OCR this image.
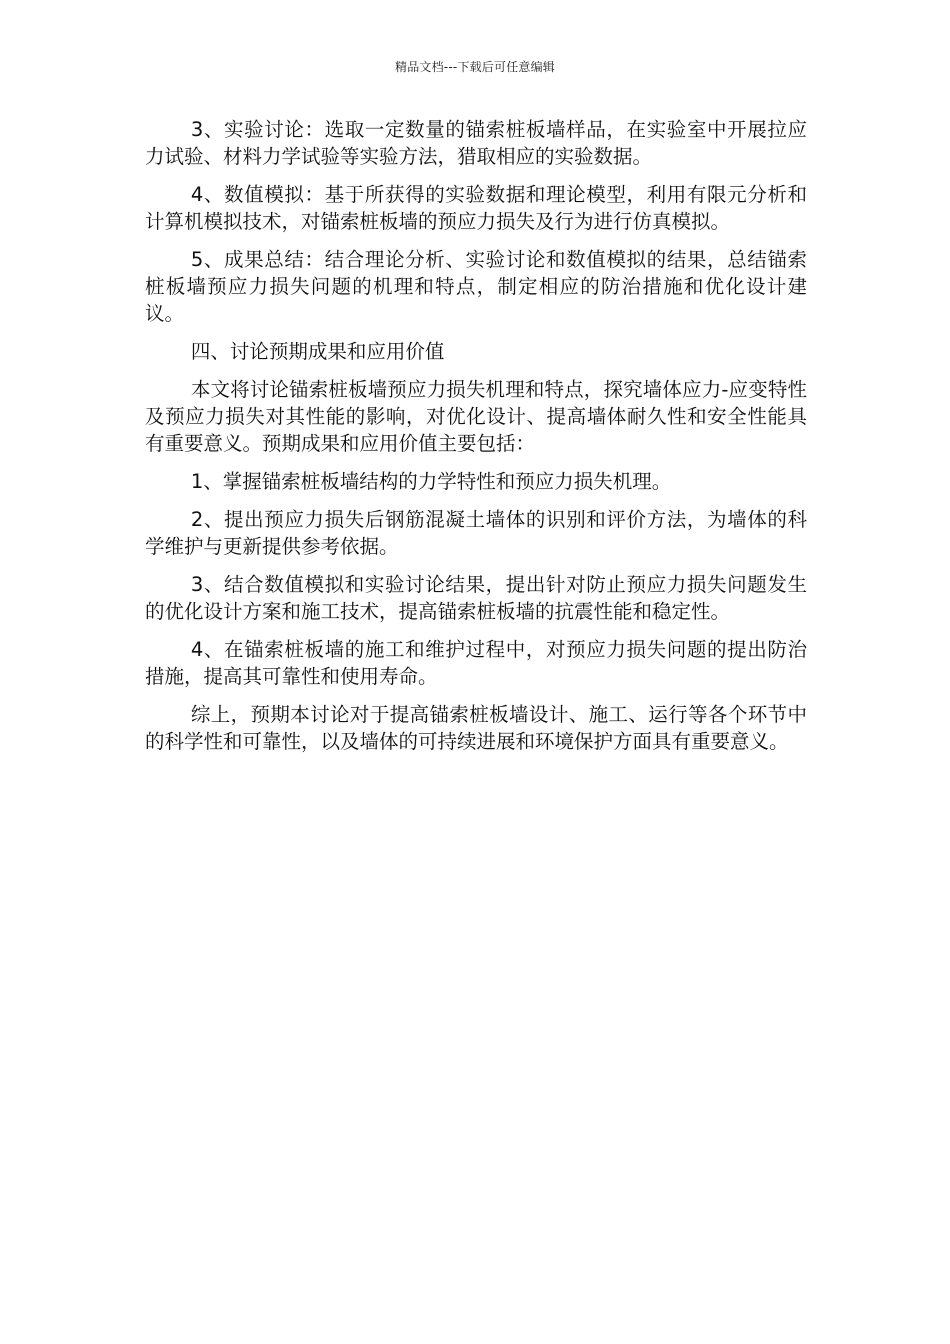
精品文档---下载后可任意编辑

3、实验讨论：选取一定数量的锚索桩板墙样品，在实验室中开展拉应力试验、材料力学试验等实验方法，猎取相应的实验数据。

4、数值模拟：基于所获得的实验数据和理论模型，利用有限元分析和计算机模拟技术，对锚索桩板墙的预应力损失及行为进行仿真模拟。

5、成果总结：结合理论分析、实验讨论和数值模拟的结果，总结锚索桩板墙预应力损失问题的机理和特点，制定相应的防治措施和优化设计建议。

四、讨论预期成果和应用价值

本文将讨论锚索桩板墙预应力损失机理和特点，探究墙体应力-应变特性及预应力损失对其性能的影响，对优化设计、提高墙体耐久性和安全性能具有重要意义。预期成果和应用价值主要包括：

1、掌握锚索桩板墙结构的力学特性和预应力损失机理。

2、提出预应力损失后钢筋混凝土墙体的识别和评价方法，为墙体的科学维护与更新提供参考依据。

3、结合数值模拟和实验讨论结果，提出针对防止预应力损失问题发生的优化设计方案和施工技术，提高锚索桩板墙的抗震性能和稳定性。

4、在锚索桩板墙的施工和维护过程中，对预应力损失问题的提出防治措施，提高其可靠性和使用寿命。

综上，预期本讨论对于提高锚索桩板墙设计、施工、运行等各个环节中的科学性和可靠性，以及墙体的可持续进展和环境保护方面具有重要意义。
